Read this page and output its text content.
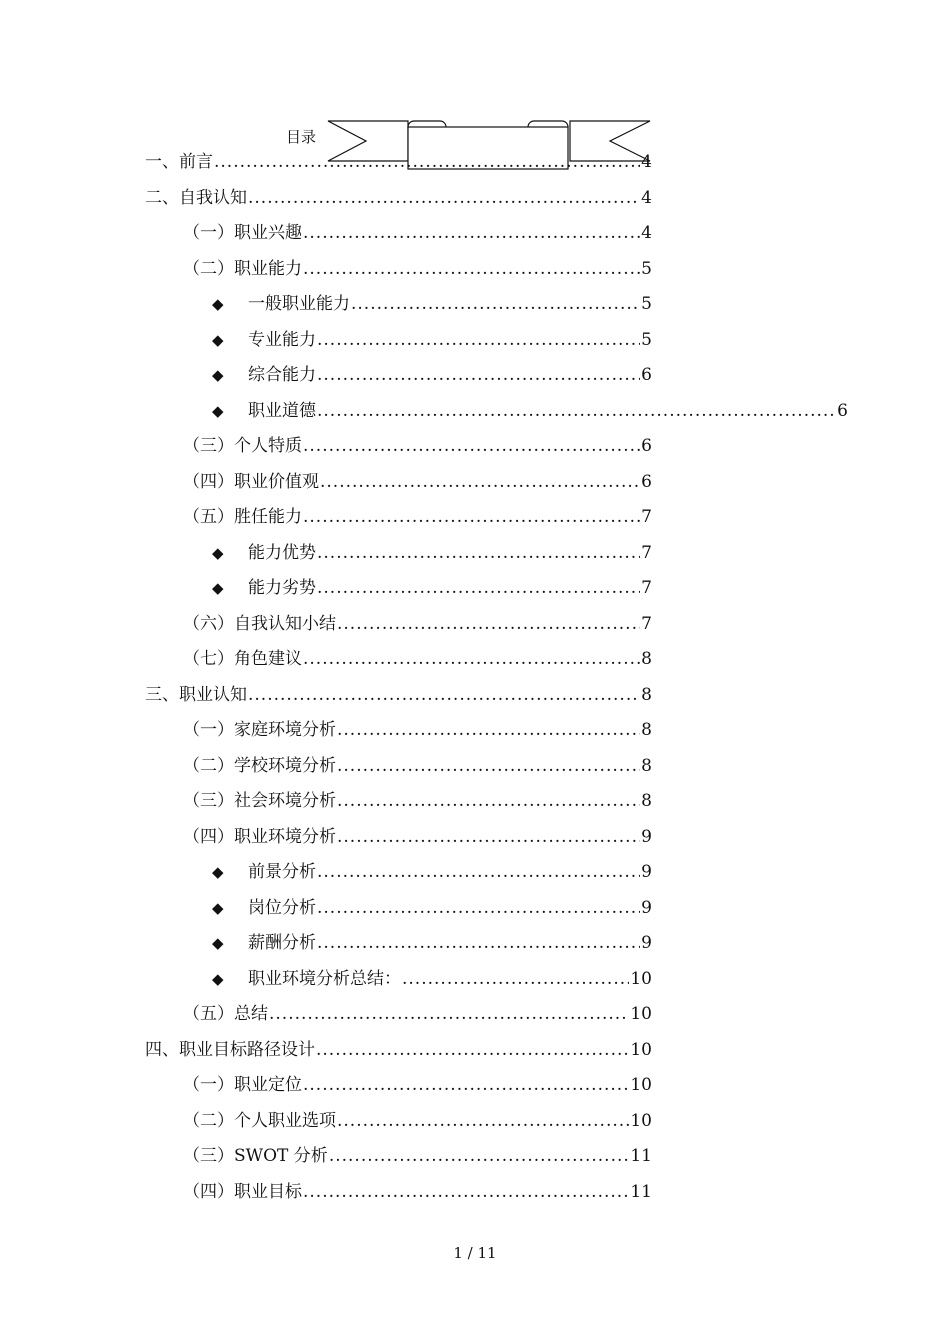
目录
一、前言 .....	4
二、自我认知 .....	4
（一）职业兴趣 .....	4
（二）职业能力 .....	5
◆	一般职业能力 .....	5
◆	专业能力 .....	5
◆	综合能力 .....	6
◆	职业道德 .....	6
（三）个人特质 .....	6
（四）职业价值观 .....	6
（五）胜任能力 .....	7
◆	能力优势 .....	7
◆	能力劣势 .....	7
（六）自我认知小结 .....	7
（七）角色建议 .....	8
三、职业认知 .....	8
（一）家庭环境分析 .....	8
（二）学校环境分析 .....	8
（三）社会环境分析 .....	8
（四）职业环境分析 .....	9
◆	前景分析 .....	9
◆	岗位分析 .....	9
◆	薪酬分析 .....	9
◆	职业环境分析总结： .....	10
（五）总结 .....	10
四、职业目标路径设计 .....	10
（一）职业定位 .....	10
（二）个人职业选项 .....	10
（三）SWOT 分析 .....	11
（四）职业目标 .....	11
1 / 11
